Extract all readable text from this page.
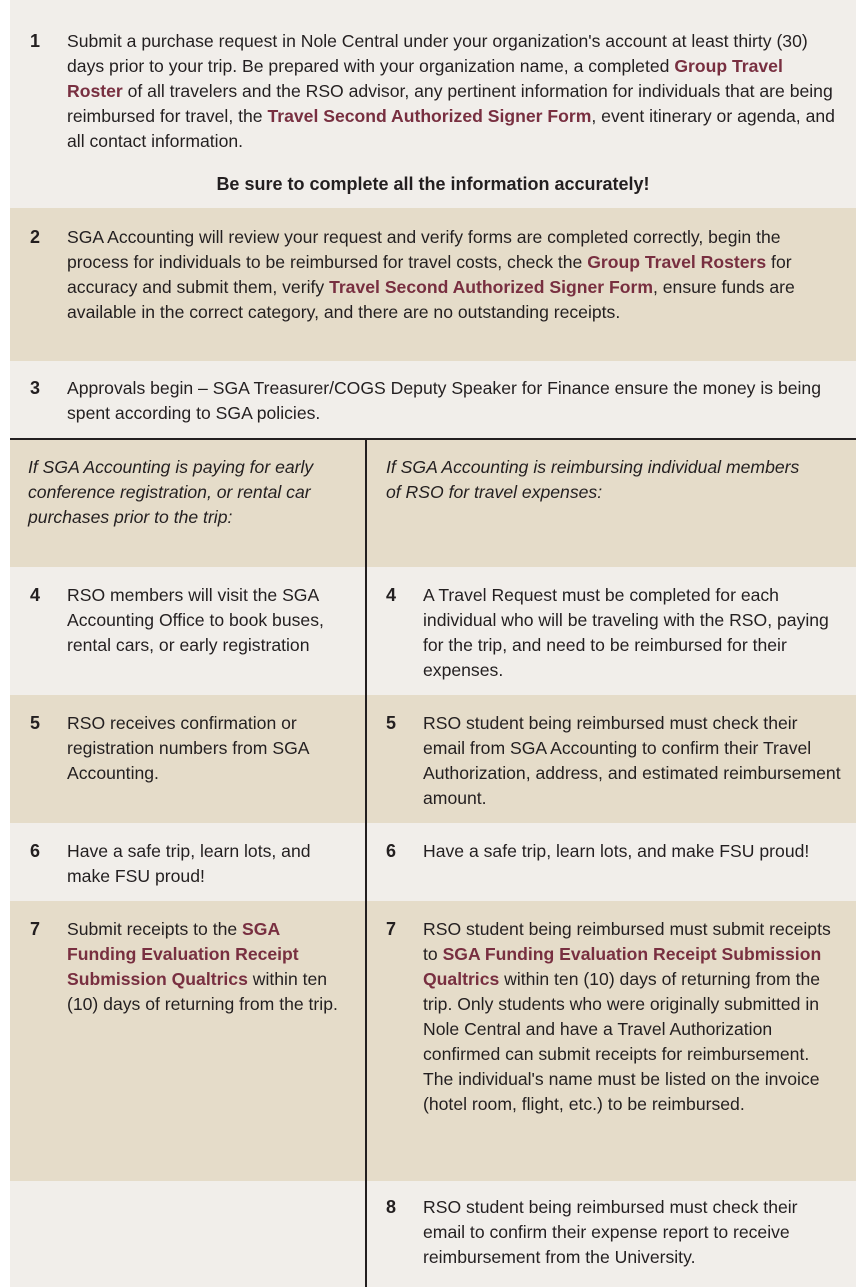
1 Submit a purchase request in Nole Central under your organization's account at least thirty (30) days prior to your trip. Be prepared with your organization name, a completed Group Travel Roster of all travelers and the RSO advisor, any pertinent information for individuals that are being reimbursed for travel, the Travel Second Authorized Signer Form, event itinerary or agenda, and all contact information.
Be sure to complete all the information accurately!
2 SGA Accounting will review your request and verify forms are completed correctly, begin the process for individuals to be reimbursed for travel costs, check the Group Travel Rosters for accuracy and submit them, verify Travel Second Authorized Signer Form, ensure funds are available in the correct category, and there are no outstanding receipts.
3 Approvals begin – SGA Treasurer/COGS Deputy Speaker for Finance ensure the money is being spent according to SGA policies.
If SGA Accounting is paying for early conference registration, or rental car purchases prior to the trip:
If SGA Accounting is reimbursing individual members of RSO for travel expenses:
4 RSO members will visit the SGA Accounting Office to book buses, rental cars, or early registration
4 A Travel Request must be completed for each individual who will be traveling with the RSO, paying for the trip, and need to be reimbursed for their expenses.
5 RSO receives confirmation or registration numbers from SGA Accounting.
5 RSO student being reimbursed must check their email from SGA Accounting to confirm their Travel Authorization, address, and estimated reimbursement amount.
6 Have a safe trip, learn lots, and make FSU proud!
6 Have a safe trip, learn lots, and make FSU proud!
7 Submit receipts to the SGA Funding Evaluation Receipt Submission Qualtrics within ten (10) days of returning from the trip.
7 RSO student being reimbursed must submit receipts to SGA Funding Evaluation Receipt Submission Qualtrics within ten (10) days of returning from the trip. Only students who were originally submitted in Nole Central and have a Travel Authorization confirmed can submit receipts for reimbursement. The individual's name must be listed on the invoice (hotel room, flight, etc.) to be reimbursed.
8 RSO student being reimbursed must check their email to confirm their expense report to receive reimbursement from the University.
